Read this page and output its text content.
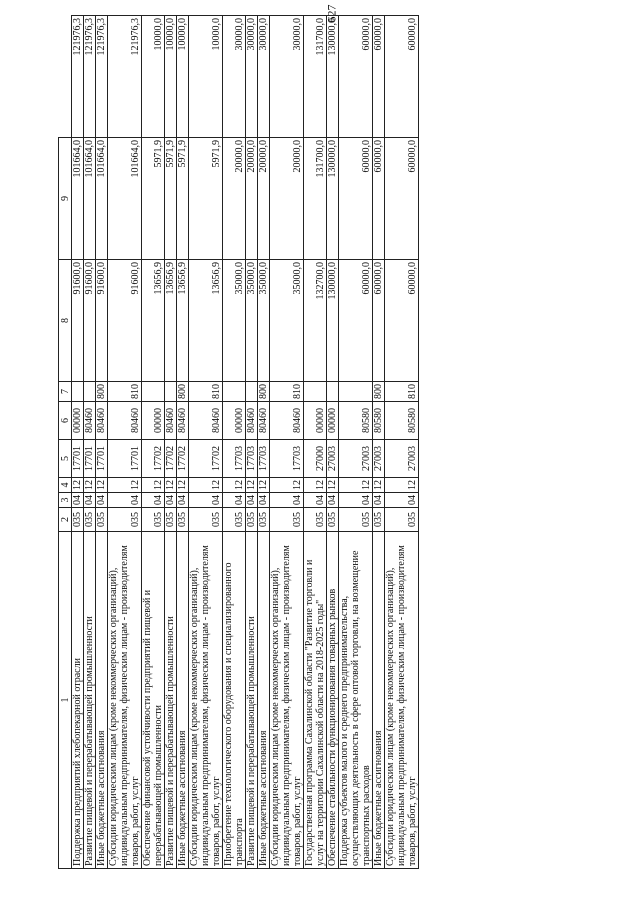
627
1	2	3	4	5	6	7	8	9	
Поддержка предприятий хлебопекарной отрасли	035	04	12	17701	00000		91600,0	101664,0	121976,3
Развитие пищевой и перерабатывающей промышленности	035	04	12	17701	80460		91600,0	101664,0	121976,3
Иные бюджетные ассигнования	035	04	12	17701	80460	800	91600,0	101664,0	121976,3
Субсидии юридическим лицам (кроме некоммерческих организаций), индивидуальным предпринимателям, физическим лицам - производителям товаров, работ, услуг	035	04	12	17701	80460	810	91600,0	101664,0	121976,3
Обеспечение финансовой устойчивости предприятий пищевой и перерабатывающей промышленности	035	04	12	17702	00000		13656,9	5971,9	10000,0
Развитие пищевой и перерабатывающей промышленности	035	04	12	17702	80460		13656,9	5971,9	10000,0
Иные бюджетные ассигнования	035	04	12	17702	80460	800	13656,9	5971,9	10000,0
Субсидии юридическим лицам (кроме некоммерческих организаций), индивидуальным предпринимателям, физическим лицам - производителям товаров, работ, услуг	035	04	12	17702	80460	810	13656,9	5971,9	10000,0
Приобретение технологического оборудования и специализированного транспорта	035	04	12	17703	00000		35000,0	20000,0	30000,0
Развитие пищевой и перерабатывающей промышленности	035	04	12	17703	80460		35000,0	20000,0	30000,0
Иные бюджетные ассигнования	035	04	12	17703	80460	800	35000,0	20000,0	30000,0
Субсидии юридическим лицам (кроме некоммерческих организаций), индивидуальным предпринимателям, физическим лицам - производителям товаров, работ, услуг	035	04	12	17703	80460	810	35000,0	20000,0	30000,0
Государственная программа Сахалинской области "Развитие торговли и услуг на территории Сахалинской области на 2018-2025 годы"	035	04	12	27000	00000		132700,0	131700,0	131700,0
Обеспечение стабильности функционирования товарных рынков	035	04	12	27003	00000		130000,0	130000,0	130000,0
Поддержка субъектов малого и среднего предпринимательства, осуществляющих деятельность в сфере оптовой торговли, на возмещение транспортных расходов	035	04	12	27003	80580		60000,0	60000,0	60000,0
Иные бюджетные ассигнования	035	04	12	27003	80580	800	60000,0	60000,0	60000,0
Субсидии юридическим лицам (кроме некоммерческих организаций), индивидуальным предпринимателям, физическим лицам - производителям товаров, работ, услуг	035	04	12	27003	80580	810	60000,0	60000,0	60000,0
